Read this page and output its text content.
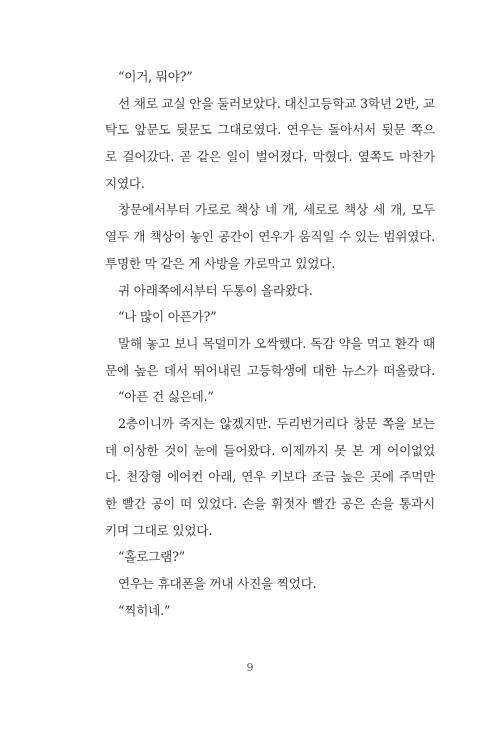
“이거, 뭐야?”
선 채로 교실 안을 둘러보았다. 대신고등학교 3학년 2반, 교
탁도 앞문도 뒷문도 그대로였다. 연우는 돌아서서 뒷문 쪽으
로 걸어갔다. 곧 같은 일이 벌어졌다. 막혔다. 옆쪽도 마찬가
지였다.
창문에서부터 가로로 책상 네 개, 세로로 책상 세 개, 모두
열두 개 책상이 놓인 공간이 연우가 움직일 수 있는 범위였다.
투명한 막 같은 게 사방을 가로막고 있었다.
귀 아래쪽에서부터 두통이 올라왔다.
“나 많이 아픈가?”
말해 놓고 보니 목덜미가 오싹했다. 독감 약을 먹고 환각 때
문에 높은 데서 뛰어내린 고등학생에 대한 뉴스가 떠올랐다.
“아픈 건 싫은데.”
2층이니까 죽지는 않겠지만. 두리번거리다 창문 쪽을 보는
데 이상한 것이 눈에 들어왔다. 이제까지 못 본 게 어이없었
다. 천장형 에어컨 아래, 연우 키보다 조금 높은 곳에 주먹만
한 빨간 공이 떠 있었다. 손을 휘젓자 빨간 공은 손을 통과시
키며 그대로 있었다.
“홀로그램?”
연우는 휴대폰을 꺼내 사진을 찍었다.
“찍히네.”
9
